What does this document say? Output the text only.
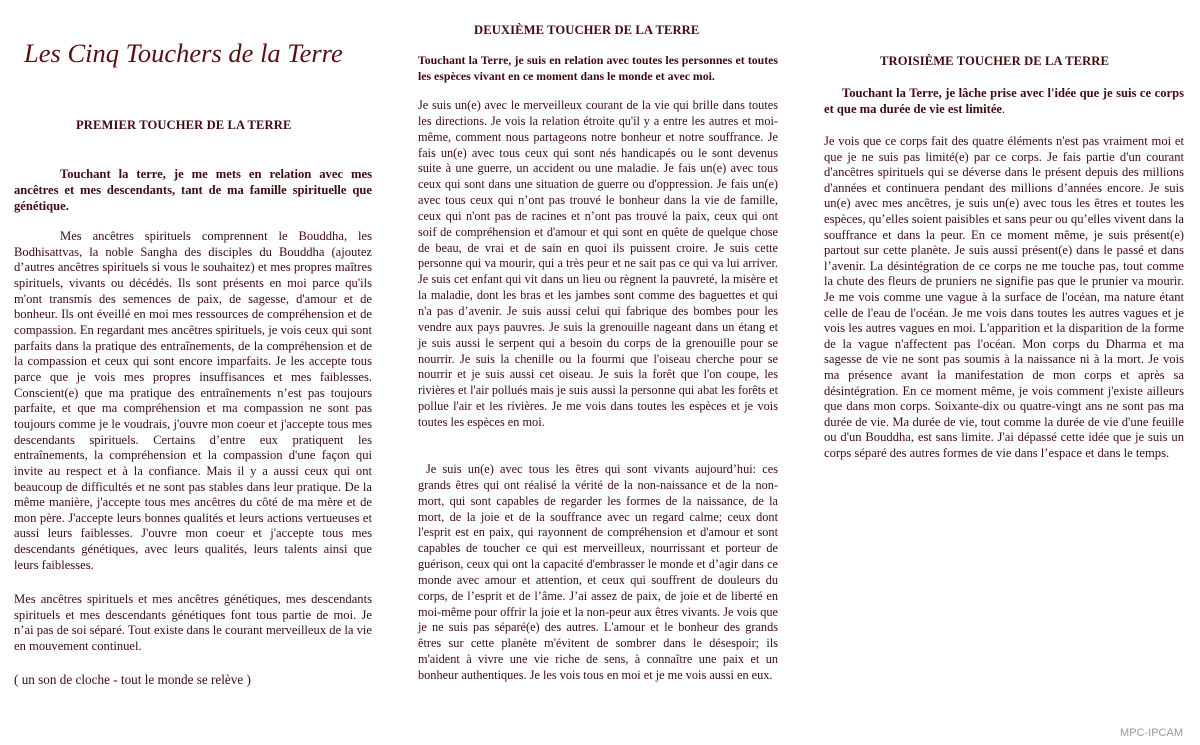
Les Cinq Touchers de la Terre
PREMIER TOUCHER DE LA TERRE

Touchant la terre, je me mets en relation avec mes ancêtres et mes descendants, tant de ma famille spirituelle que génétique.

Mes ancêtres spirituels comprennent le Bouddha, les Bodhisattvas, la noble Sangha des disciples du Bouddha (ajoutez d’autres ancêtres spirituels si vous le souhaitez) et mes propres maîtres spirituels, vivants ou décédés. Ils sont présents en moi parce qu'ils m'ont transmis des semences de paix, de sagesse, d'amour et de bonheur. Ils ont éveillé en moi mes ressources de compréhension et de compassion. En regardant mes ancêtres spirituels, je vois ceux qui sont parfaits dans la pratique des entraînements, de la compréhension et de la compassion et ceux qui sont encore imparfaits. Je les accepte tous parce que je vois mes propres insuffisances et mes faiblesses. Conscient(e) que ma pratique des entraînements n’est pas toujours parfaite, et que ma compréhension et ma compassion ne sont pas toujours comme je le voudrais, j'ouvre mon coeur et j'accepte tous mes descendants spirituels. Certains d’entre eux pratiquent les entraînements, la compréhension et la compassion d'une façon qui invite au respect et à la confiance. Mais il y a aussi ceux qui ont beaucoup de difficultés et ne sont pas stables dans leur pratique. De la même manière, j'accepte tous mes ancêtres du côté de ma mère et de mon père. J'accepte leurs bonnes qualités et leurs actions vertueuses et aussi leurs faiblesses. J'ouvre mon coeur et j'accepte tous mes descendants génétiques, avec leurs qualités, leurs talents ainsi que leurs faiblesses.

Mes ancêtres spirituels et mes ancêtres génétiques, mes descendants spirituels et mes descendants génétiques font tous partie de moi. Je n’ai pas de soi séparé. Tout existe dans le courant merveilleux de la vie en mouvement continuel.

( un son de cloche - tout le monde se relève )

DEUXIÈME TOUCHER DE LA TERRE

Touchant la Terre, je suis en relation avec toutes les personnes et toutes les espèces vivant en ce moment dans le monde et avec moi.

Je suis un(e) avec le merveilleux courant de la vie qui brille dans toutes les directions. Je vois la relation étroite qu'il y a entre les autres et moi-même, comment nous partageons notre bonheur et notre souffrance. Je fais un(e) avec tous ceux qui sont nés handicapés ou le sont devenus suite à une guerre, un accident ou une maladie. Je fais un(e) avec tous ceux qui sont dans une situation de guerre ou d'oppression. Je fais un(e) avec tous ceux qui n’ont pas trouvé le bonheur dans la vie de famille, ceux qui n'ont pas de racines et n’ont pas trouvé la paix, ceux qui ont soif de compréhension et d'amour et qui sont en quête de quelque chose de beau, de vrai et de sain en quoi ils puissent croire. Je suis cette personne qui va mourir, qui a très peur et ne sait pas ce qui va lui arriver. Je suis cet enfant qui vit dans un lieu ou règnent la pauvreté, la misère et la maladie, dont les bras et les jambes sont comme des baguettes et qui n'a pas d’avenir. Je suis aussi celui qui fabrique des bombes pour les vendre aux pays pauvres. Je suis la grenouille nageant dans un étang et je suis aussi le serpent qui a besoin du corps de la grenouille pour se nourrir. Je suis la chenille ou la fourmi que l'oiseau cherche pour se nourrir et je suis aussi cet oiseau. Je suis la forêt que l'on coupe, les rivières et l'air pollués mais je suis aussi la personne qui abat les forêts et pollue l'air et les rivières. Je me vois dans toutes les espèces et je vois toutes les espèces en moi.

Je suis un(e) avec tous les êtres qui sont vivants aujourd’hui: ces grands êtres qui ont réalisé la vérité de la non-naissance et de la non-mort, qui sont capables de regarder les formes de la naissance, de la mort, de la joie et de la souffrance avec un regard calme; ceux dont l'esprit est en paix, qui rayonnent de compréhension et d'amour et sont capables de toucher ce qui est merveilleux, nourrissant et porteur de guérison, ceux qui ont la capacité d'embrasser le monde et d’agir dans ce monde avec amour et attention, et ceux qui souffrent de douleurs du corps, de l’esprit et de l’âme. J’ai assez de paix, de joie et de liberté en moi-même pour offrir la joie et la non-peur aux êtres vivants. Je vois que je ne suis pas séparé(e) des autres. L'amour et le bonheur des grands êtres sur cette planète m'évitent de sombrer dans le désespoir; ils m'aident à vivre une vie riche de sens, à connaître une paix et un bonheur authentiques. Je les vois tous en moi et je me vois aussi en eux.

TROISIÈME TOUCHER DE LA TERRE

Touchant la Terre, je lâche prise avec l'idée que je suis ce corps et que ma durée de vie est limitée.

Je vois que ce corps fait des quatre éléments n'est pas vraiment moi et que je ne suis pas limité(e) par ce corps. Je fais partie d'un courant d'ancêtres spirituels qui se déverse dans le présent depuis des millions d'années et continuera pendant des millions d’années encore. Je suis un(e) avec mes ancêtres, je suis un(e) avec tous les êtres et toutes les espèces, qu’elles soient paisibles et sans peur ou qu’elles vivent dans la souffrance et dans la peur. En ce moment même, je suis présent(e) partout sur cette planète. Je suis aussi présent(e) dans le passé et dans l’avenir. La désintégration de ce corps ne me touche pas, tout comme la chute des fleurs de pruniers ne signifie pas que le prunier va mourir. Je me vois comme une vague à la surface de l'océan, ma nature étant celle de l'eau de l'océan. Je me vois dans toutes les autres vagues et je vois les autres vagues en moi. L'apparition et la disparition de la forme de la vague n'affectent pas l'océan. Mon corps du Dharma et ma sagesse de vie ne sont pas soumis à la naissance ni à la mort. Je vois ma présence avant la manifestation de mon corps et après sa désintégration. En ce moment même, je vois comment j'existe ailleurs que dans mon corps. Soixante-dix ou quatre-vingt ans ne sont pas ma durée de vie. Ma durée de vie, tout comme la durée de vie d'une feuille ou d'un Bouddha, est sans limite. J'ai dépassé cette idée que je suis un corps séparé des autres formes de vie dans l’espace et dans le temps.

MPC-IPCAM
